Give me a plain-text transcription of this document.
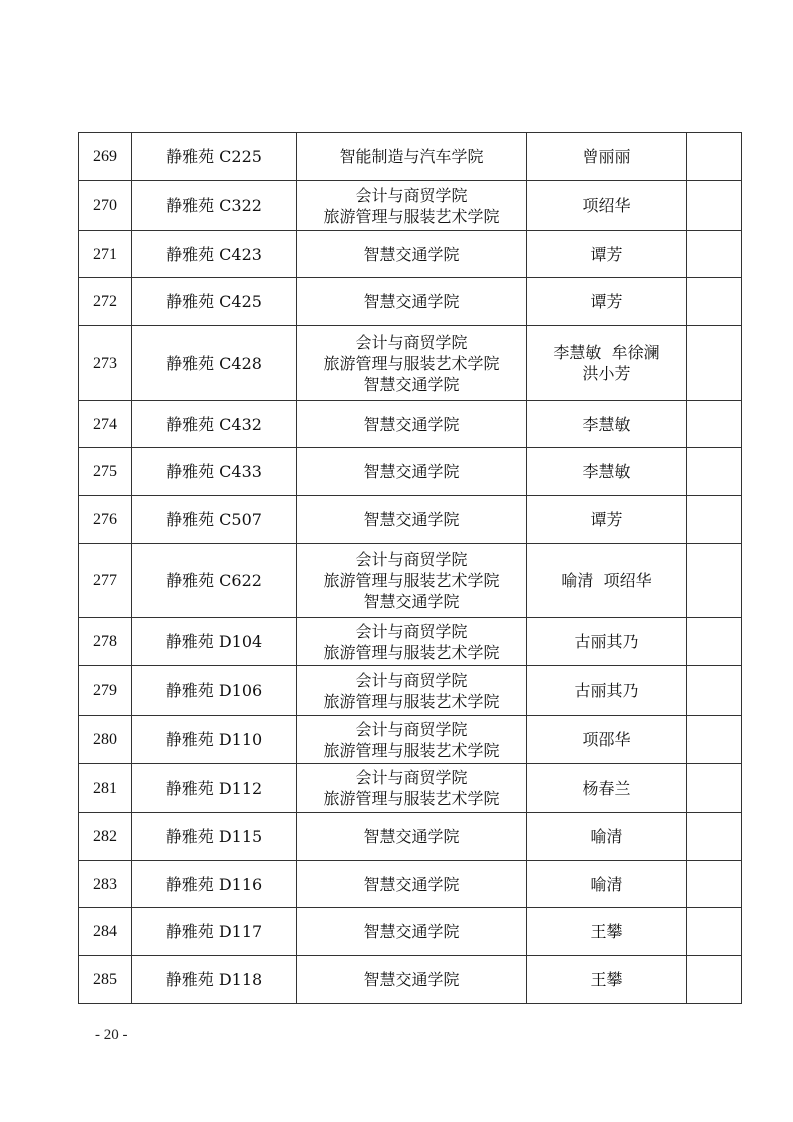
269	静雅苑 C225	智能制造与汽车学院	曾丽丽	

270	静雅苑 C322	会计与商贸学院
旅游管理与服装艺术学院	项绍华	

271	静雅苑 C423	智慧交通学院	谭芳	

272	静雅苑 C425	智慧交通学院	谭芳	

273	静雅苑 C428	会计与商贸学院
旅游管理与服装艺术学院
智慧交通学院	李慧敏  牟徐澜
洪小芳	

274	静雅苑 C432	智慧交通学院	李慧敏	

275	静雅苑 C433	智慧交通学院	李慧敏	

276	静雅苑 C507	智慧交通学院	谭芳	

277	静雅苑 C622	会计与商贸学院
旅游管理与服装艺术学院
智慧交通学院	喻清  项绍华	

278	静雅苑 D104	会计与商贸学院
旅游管理与服装艺术学院	古丽其乃	

279	静雅苑 D106	会计与商贸学院
旅游管理与服装艺术学院	古丽其乃	

280	静雅苑 D110	会计与商贸学院
旅游管理与服装艺术学院	项邵华	

281	静雅苑 D112	会计与商贸学院
旅游管理与服装艺术学院	杨春兰	

282	静雅苑 D115	智慧交通学院	喻清	

283	静雅苑 D116	智慧交通学院	喻清	

284	静雅苑 D117	智慧交通学院	王攀	

285	静雅苑 D118	智慧交通学院	王攀	

- 20 -
